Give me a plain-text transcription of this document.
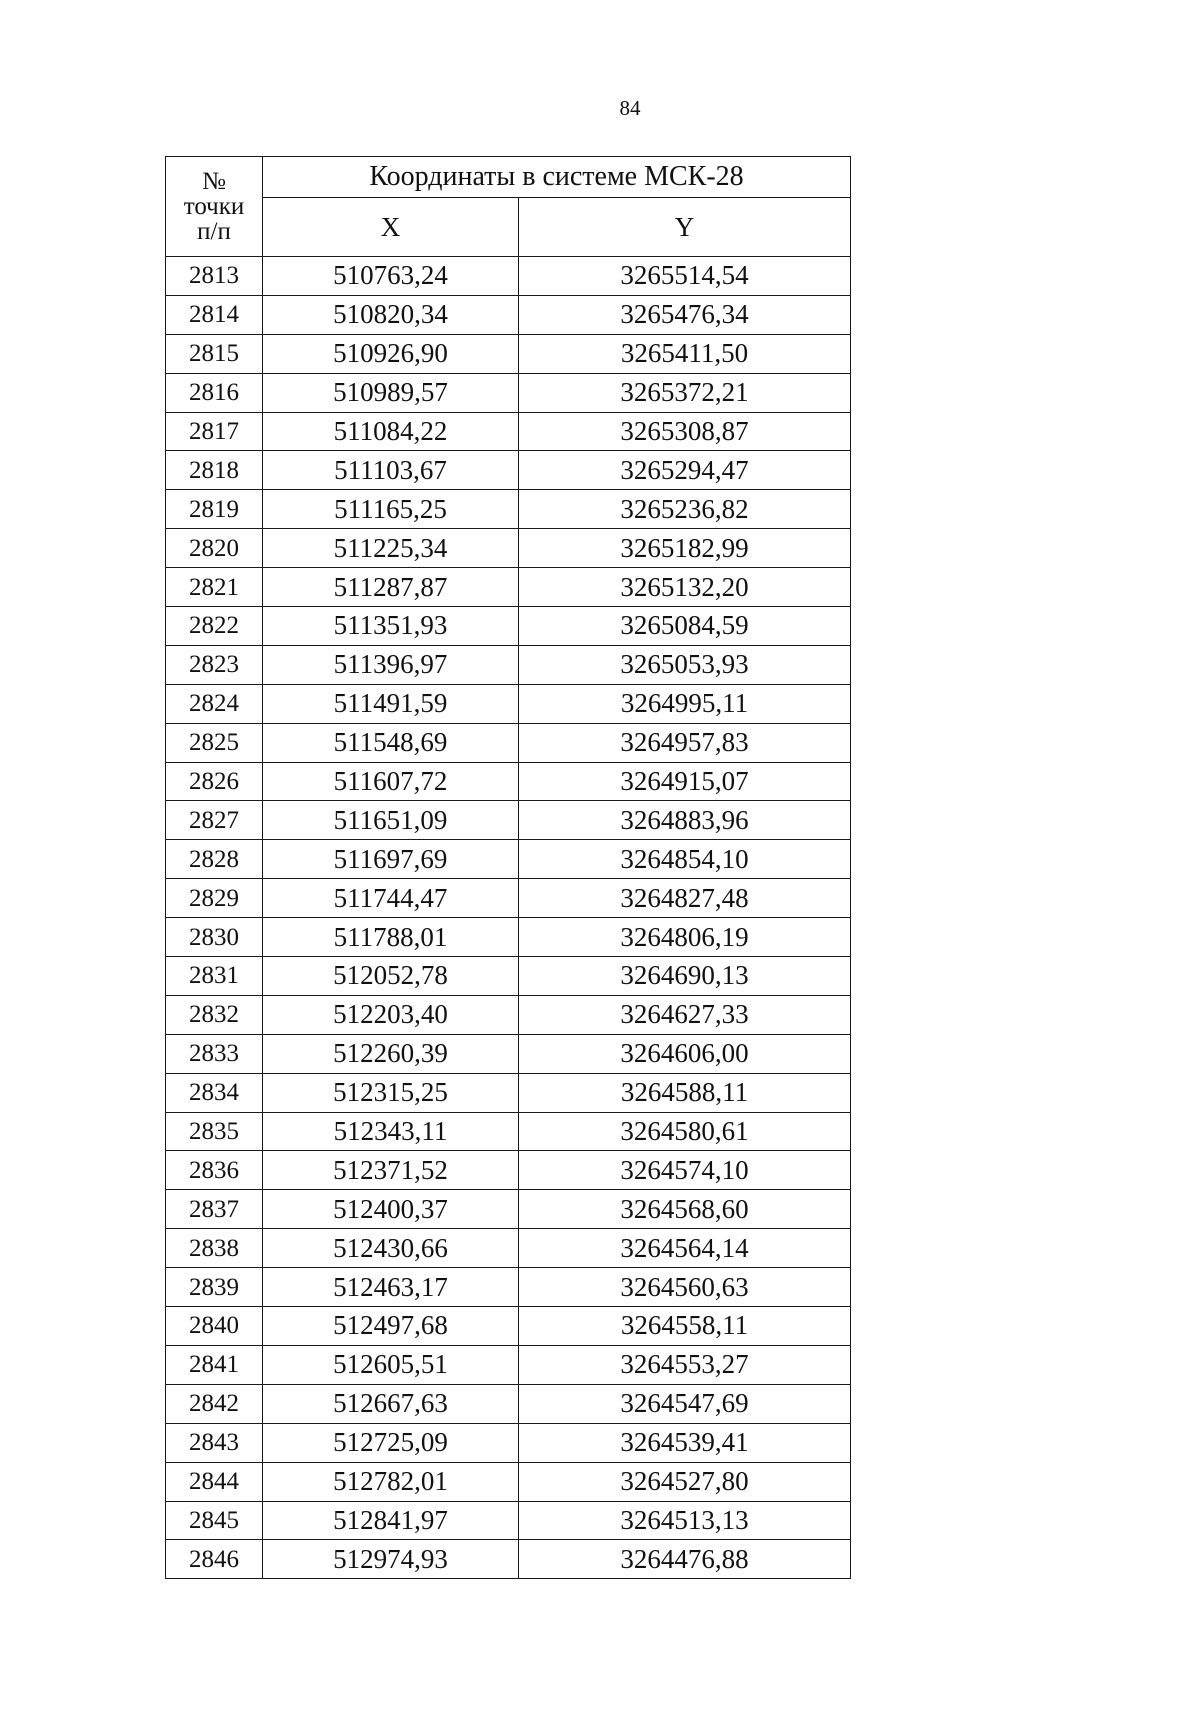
84
№
точки
п/п	Координаты в системе МСК-28	
	X	Y
2813	510763,24	3265514,54
2814	510820,34	3265476,34
2815	510926,90	3265411,50
2816	510989,57	3265372,21
2817	511084,22	3265308,87
2818	511103,67	3265294,47
2819	511165,25	3265236,82
2820	511225,34	3265182,99
2821	511287,87	3265132,20
2822	511351,93	3265084,59
2823	511396,97	3265053,93
2824	511491,59	3264995,11
2825	511548,69	3264957,83
2826	511607,72	3264915,07
2827	511651,09	3264883,96
2828	511697,69	3264854,10
2829	511744,47	3264827,48
2830	511788,01	3264806,19
2831	512052,78	3264690,13
2832	512203,40	3264627,33
2833	512260,39	3264606,00
2834	512315,25	3264588,11
2835	512343,11	3264580,61
2836	512371,52	3264574,10
2837	512400,37	3264568,60
2838	512430,66	3264564,14
2839	512463,17	3264560,63
2840	512497,68	3264558,11
2841	512605,51	3264553,27
2842	512667,63	3264547,69
2843	512725,09	3264539,41
2844	512782,01	3264527,80
2845	512841,97	3264513,13
2846	512974,93	3264476,88
